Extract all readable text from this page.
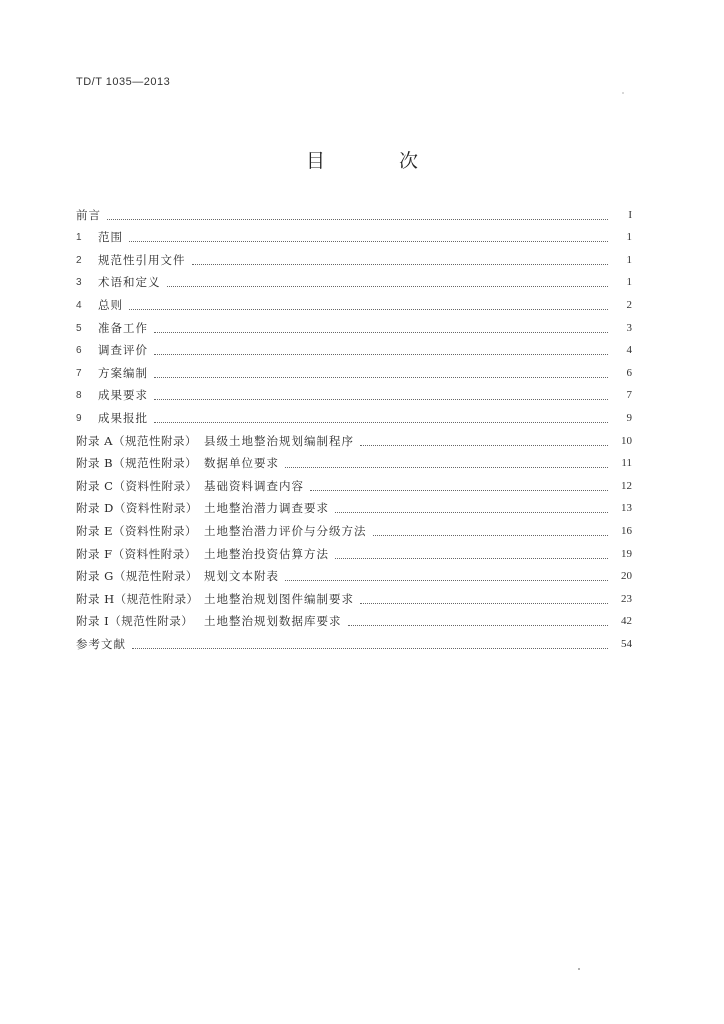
TD/T 1035—2013
目 次
前言	I
1	范围	1
2	规范性引用文件	1
3	术语和定义	1
4	总则	2
5	准备工作	3
6	调查评价	4
7	方案编制	6
8	成果要求	7
9	成果报批	9
附录 A（规范性附录） 县级土地整治规划编制程序	10
附录 B（规范性附录） 数据单位要求	11
附录 C（资料性附录） 基础资料调查内容	12
附录 D（资料性附录） 土地整治潜力调查要求	13
附录 E（资料性附录） 土地整治潜力评价与分级方法	16
附录 F（资料性附录） 土地整治投资估算方法	19
附录 G（规范性附录） 规划文本附表	20
附录 H（规范性附录） 土地整治规划图件编制要求	23
附录 I（规范性附录） 土地整治规划数据库要求	42
参考文献	54
